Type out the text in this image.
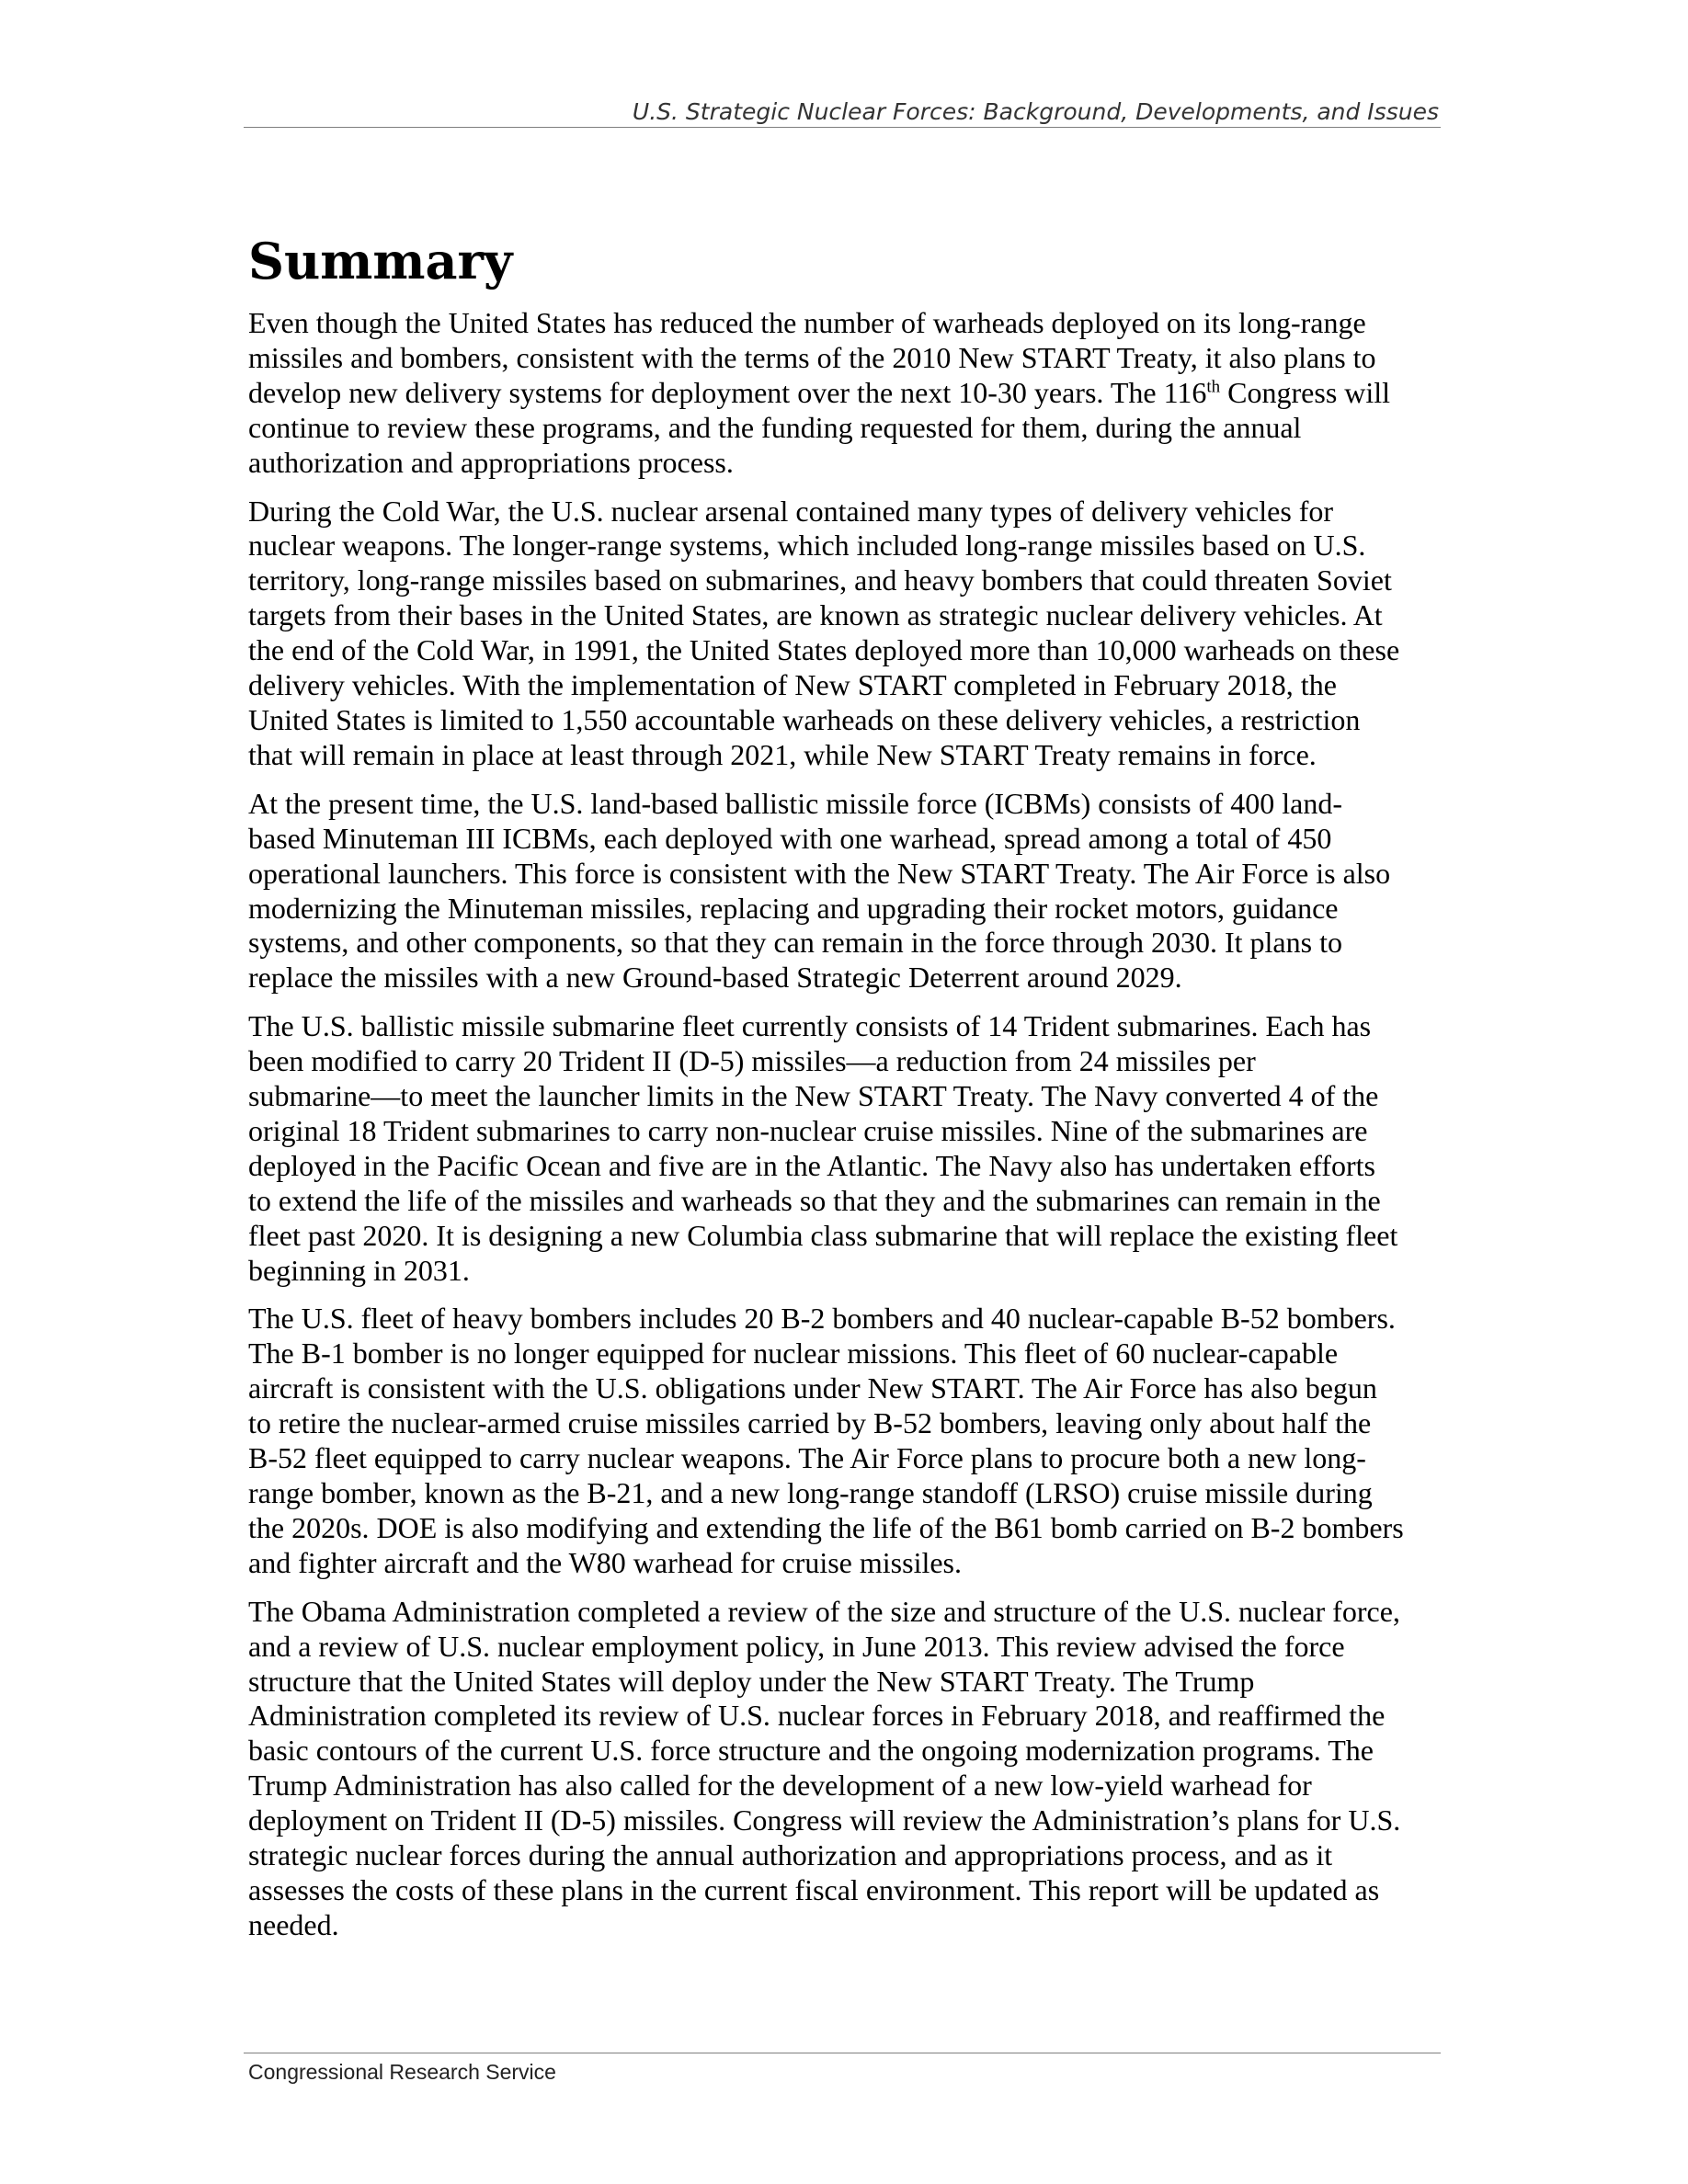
U.S. Strategic Nuclear Forces: Background, Developments, and Issues
Summary

Even though the United States has reduced the number of warheads deployed on its long-range
missiles and bombers, consistent with the terms of the 2010 New START Treaty, it also plans to
develop new delivery systems for deployment over the next 10-30 years. The 116th Congress will
continue to review these programs, and the funding requested for them, during the annual
authorization and appropriations process.

During the Cold War, the U.S. nuclear arsenal contained many types of delivery vehicles for
nuclear weapons. The longer-range systems, which included long-range missiles based on U.S.
territory, long-range missiles based on submarines, and heavy bombers that could threaten Soviet
targets from their bases in the United States, are known as strategic nuclear delivery vehicles. At
the end of the Cold War, in 1991, the United States deployed more than 10,000 warheads on these
delivery vehicles. With the implementation of New START completed in February 2018, the
United States is limited to 1,550 accountable warheads on these delivery vehicles, a restriction
that will remain in place at least through 2021, while New START Treaty remains in force.

At the present time, the U.S. land-based ballistic missile force (ICBMs) consists of 400 land-
based Minuteman III ICBMs, each deployed with one warhead, spread among a total of 450
operational launchers. This force is consistent with the New START Treaty. The Air Force is also
modernizing the Minuteman missiles, replacing and upgrading their rocket motors, guidance
systems, and other components, so that they can remain in the force through 2030. It plans to
replace the missiles with a new Ground-based Strategic Deterrent around 2029.

The U.S. ballistic missile submarine fleet currently consists of 14 Trident submarines. Each has
been modified to carry 20 Trident II (D-5) missiles—a reduction from 24 missiles per
submarine—to meet the launcher limits in the New START Treaty. The Navy converted 4 of the
original 18 Trident submarines to carry non-nuclear cruise missiles. Nine of the submarines are
deployed in the Pacific Ocean and five are in the Atlantic. The Navy also has undertaken efforts
to extend the life of the missiles and warheads so that they and the submarines can remain in the
fleet past 2020. It is designing a new Columbia class submarine that will replace the existing fleet
beginning in 2031.

The U.S. fleet of heavy bombers includes 20 B-2 bombers and 40 nuclear-capable B-52 bombers.
The B-1 bomber is no longer equipped for nuclear missions. This fleet of 60 nuclear-capable
aircraft is consistent with the U.S. obligations under New START. The Air Force has also begun
to retire the nuclear-armed cruise missiles carried by B-52 bombers, leaving only about half the
B-52 fleet equipped to carry nuclear weapons. The Air Force plans to procure both a new long-
range bomber, known as the B-21, and a new long-range standoff (LRSO) cruise missile during
the 2020s. DOE is also modifying and extending the life of the B61 bomb carried on B-2 bombers
and fighter aircraft and the W80 warhead for cruise missiles.

The Obama Administration completed a review of the size and structure of the U.S. nuclear force,
and a review of U.S. nuclear employment policy, in June 2013. This review advised the force
structure that the United States will deploy under the New START Treaty. The Trump
Administration completed its review of U.S. nuclear forces in February 2018, and reaffirmed the
basic contours of the current U.S. force structure and the ongoing modernization programs. The
Trump Administration has also called for the development of a new low-yield warhead for
deployment on Trident II (D-5) missiles. Congress will review the Administration’s plans for U.S.
strategic nuclear forces during the annual authorization and appropriations process, and as it
assesses the costs of these plans in the current fiscal environment. This report will be updated as
needed.

Congressional Research Service
